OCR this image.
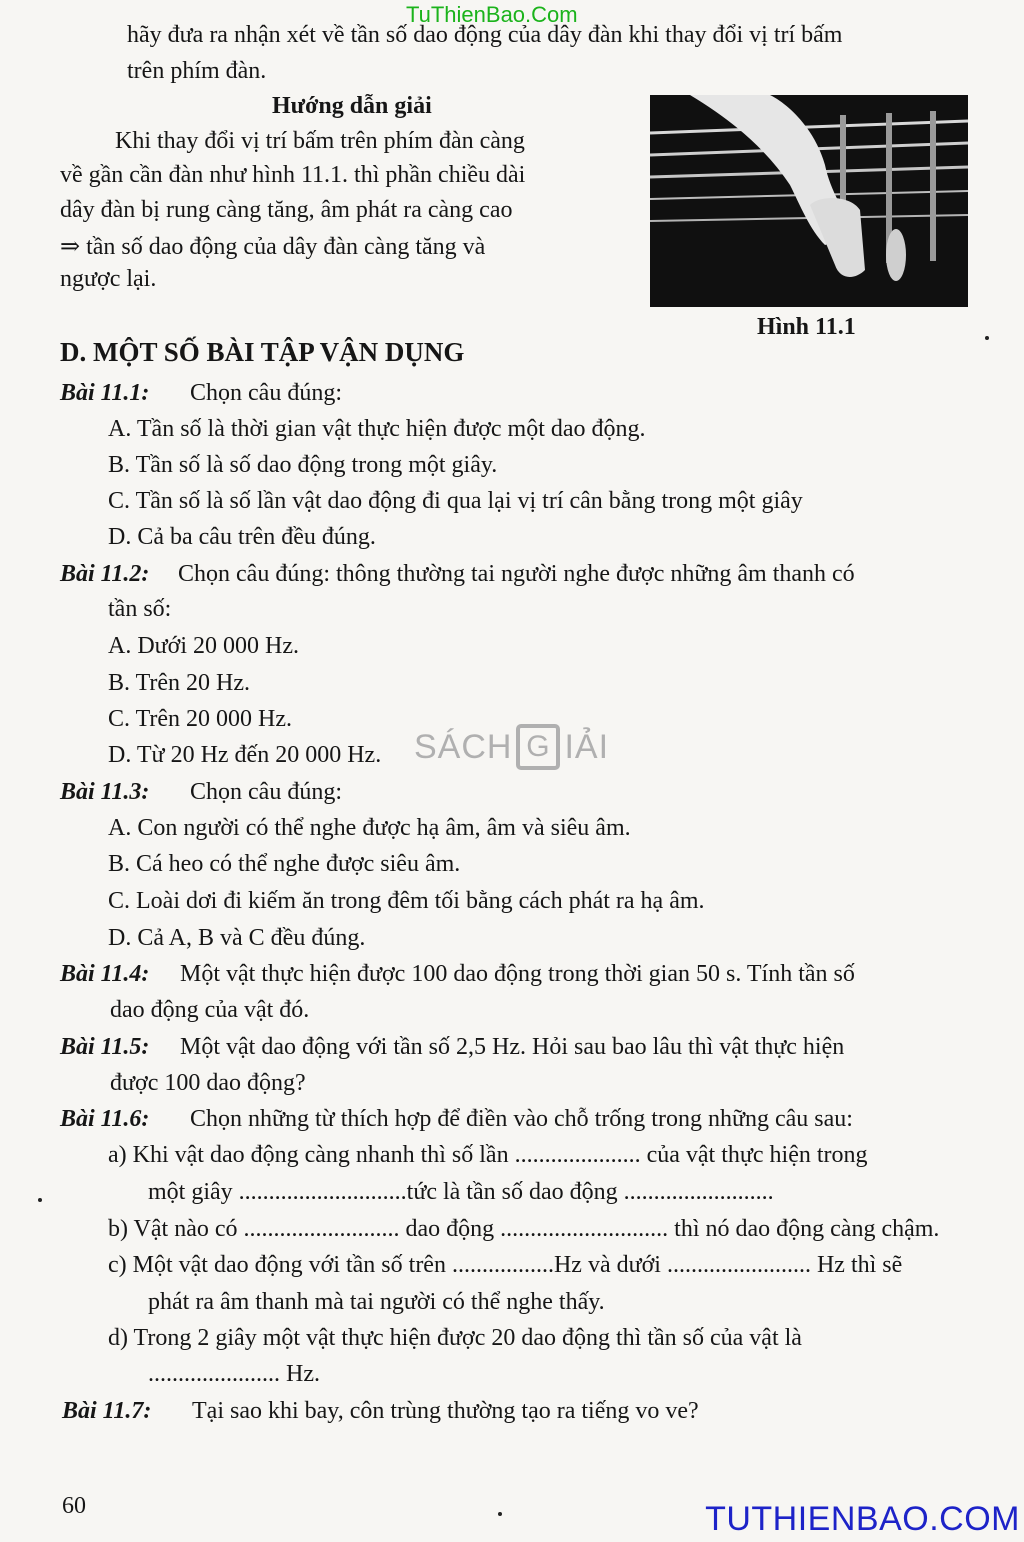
TuThienBao.Com
SÁCH G IẢI
TUTHIENBAO.COM
hãy đưa ra nhận xét về tần số dao động của dây đàn khi thay đổi vị trí bấm
trên phím đàn.
Hướng dẫn giải
Khi thay đổi vị trí bấm trên phím đàn càng
về gần cần đàn như hình 11.1. thì phần chiều dài
dây đàn bị rung càng tăng, âm phát ra càng cao
⇒ tần số dao động của dây đàn càng tăng và
ngược lại.
Hình 11.1
D. MỘT SỐ BÀI TẬP VẬN DỤNG
Bài 11.1: Chọn câu đúng:
A. Tần số là thời gian vật thực hiện được một dao động.
B. Tần số là số dao động trong một giây.
C. Tần số là số lần vật dao động đi qua lại vị trí cân bằng trong một giây
D. Cả ba câu trên đều đúng.
Bài 11.2: Chọn câu đúng: thông thường tai người nghe được những âm thanh có
tần số:
A. Dưới 20 000 Hz.
B. Trên 20 Hz.
C. Trên 20 000 Hz.
D. Từ 20 Hz đến 20 000 Hz.
Bài 11.3: Chọn câu đúng:
A. Con người có thể nghe được hạ âm, âm và siêu âm.
B. Cá heo có thể nghe được siêu âm.
C. Loài dơi đi kiếm ăn trong đêm tối bằng cách phát ra hạ âm.
D. Cả A, B và C đều đúng.
Bài 11.4: Một vật thực hiện được 100 dao động trong thời gian 50 s. Tính tần số
dao động của vật đó.
Bài 11.5: Một vật dao động với tần số 2,5 Hz. Hỏi sau bao lâu thì vật thực hiện
được 100 dao động?
Bài 11.6: Chọn những từ thích hợp để điền vào chỗ trống trong những câu sau:
a) Khi vật dao động càng nhanh thì số lần ..................... của vật thực hiện trong
một giây ............................tức là tần số dao động .........................
b) Vật nào có .......................... dao động ............................ thì nó dao động càng chậm.
c) Một vật dao động với tần số trên .................Hz và dưới ........................ Hz thì sẽ
phát ra âm thanh mà tai người có thể nghe thấy.
d) Trong 2 giây một vật thực hiện được 20 dao động thì tần số của vật là
...................... Hz.
Bài 11.7: Tại sao khi bay, côn trùng thường tạo ra tiếng vo ve?
60
